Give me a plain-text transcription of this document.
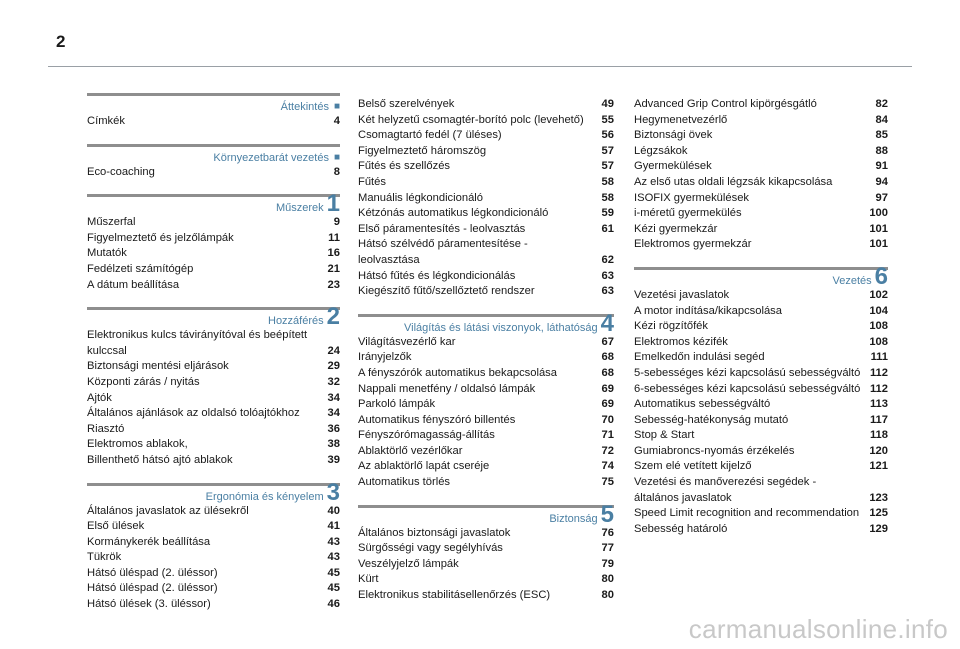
2
Áttekintés ■
Címkék	4
Környezetbarát vezetés ■
Eco-coaching	8
Műszerek 1
Műszerfal	9
Figyelmeztető és jelzőlámpák	11
Mutatók	16
Fedélzeti számítógép	21
A dátum beállítása	23
Hozzáférés 2
Elektronikus kulcs távirányítóval és beépített kulccsal	24
Biztonsági mentési eljárások	29
Központi zárás / nyitás	32
Ajtók	34
Általános ajánlások az oldalsó tolóajtókhoz	34
Riasztó	36
Elektromos ablakok,	38
Billenthető hátsó ajtó ablakok	39
Ergonómia és kényelem 3
Általános javaslatok az ülésekről	40
Első ülések	41
Kormánykerék beállítása	43
Tükrök	43
Hátsó üléspad (2. üléssor)	45
Hátsó üléspad (2. üléssor)	45
Hátsó ülések (3. üléssor)	46
Belső szerelvények	49
Két helyzetű csomagtér-borító polc (levehető)	55
Csomagtartó fedél (7 üléses)	56
Figyelmeztető háromszög	57
Fűtés és szellőzés	57
Fűtés	58
Manuális légkondicionáló	58
Kétzónás automatikus légkondicionáló	59
Első páramentesítés - leolvasztás	61
Hátsó szélvédő páramentesítése - leolvasztása	62
Hátsó fűtés és légkondicionálás	63
Kiegészítő fűtő/szellőztető rendszer	63
Világítás és látási viszonyok, láthatóság 4
Világításvezérlő kar	67
Irányjelzők	68
A fényszórók automatikus bekapcsolása	68
Nappali menetfény / oldalsó lámpák	69
Parkoló lámpák	69
Automatikus fényszóró billentés	70
Fényszórómagasság-állítás	71
Ablaktörlő vezérlőkar	72
Az ablaktörlő lapát cseréje	74
Automatikus törlés	75
Biztonság 5
Általános biztonsági javaslatok	76
Sürgősségi vagy segélyhívás	77
Veszélyjelző lámpák	79
Kürt	80
Elektronikus stabilitásellenőrzés (ESC)	80
Advanced Grip Control kipörgésgátló	82
Hegymenetvezérlő	84
Biztonsági övek	85
Légzsákok	88
Gyermekülések	91
Az első utas oldali légzsák kikapcsolása	94
ISOFIX gyermekülések	97
i-méretű gyermekülés	100
Kézi gyermekzár	101
Elektromos gyermekzár	101
Vezetés 6
Vezetési javaslatok	102
A motor indítása/kikapcsolása	104
Kézi rögzítőfék	108
Elektromos kézifék	108
Emelkedőn indulási segéd	111
5-sebességes kézi kapcsolású sebességváltó 112
6-sebességes kézi kapcsolású sebességváltó 112
Automatikus sebességváltó	113
Sebesség-hatékonyság mutató	117
Stop & Start	118
Gumiabroncs-nyomás érzékelés	120
Szem elé vetített kijelző	121
Vezetési és manőverezési segédek - általános javaslatok	123
Speed Limit recognition and recommendation 125
Sebesség határoló	129
carmanualsonline.info
